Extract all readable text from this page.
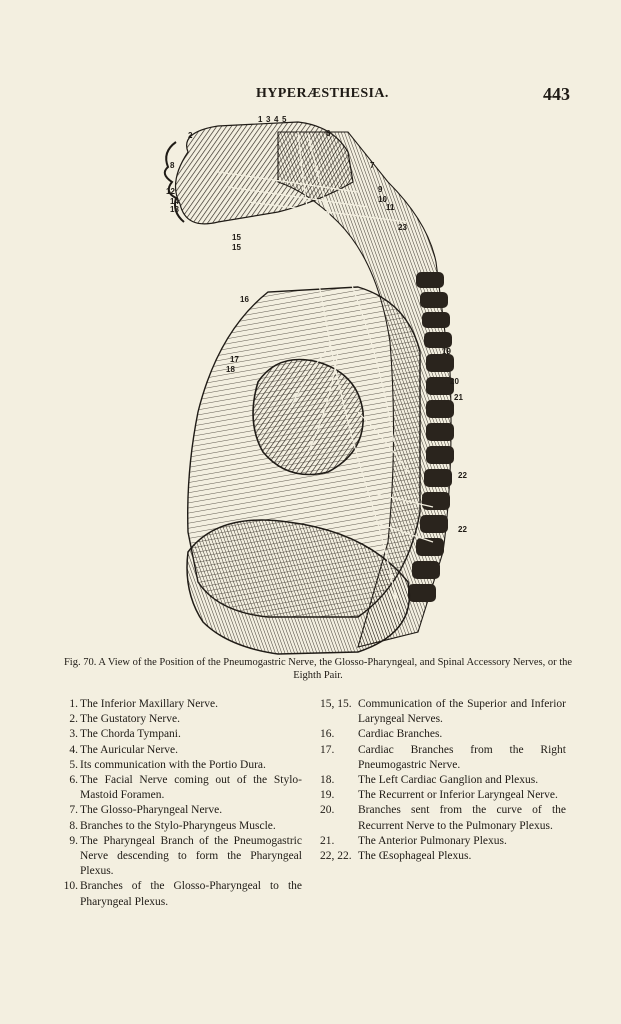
HYPERÆSTHESIA.	443
1 3 4 5
2	6
7
8
9
10
11
12
14
13
15
15
16
17
18
19
20
21
22
22
23
Fig. 70. A View of the Position of the Pneumogastric Nerve, the Glosso-Pharyngeal, and Spinal Accessory Nerves, or the Eighth Pair.
1. The Inferior Maxillary Nerve.
2. The Gustatory Nerve.
3. The Chorda Tympani.
4. The Auricular Nerve.
5. Its communication with the Portio Dura.
6. The Facial Nerve coming out of the Stylo-Mastoid Foramen.
7. The Glosso-Pharyngeal Nerve.
8. Branches to the Stylo-Pharyngeus Muscle.
9. The Pharyngeal Branch of the Pneumogastric Nerve descending to form the Pharyngeal Plexus.
10. Branches of the Glosso-Pharyngeal to the Pharyngeal Plexus.
15, 15. Communication of the Superior and Inferior Laryngeal Nerves.
16.	Cardiac Branches.
17.	Cardiac Branches from the Right Pneumogastric Nerve.
18.	The Left Cardiac Ganglion and Plexus.
19.	The Recurrent or Inferior Laryngeal Nerve.
20.	Branches sent from the curve of the Recurrent Nerve to the Pulmonary Plexus.
21.	The Anterior Pulmonary Plexus.
22, 22. The Œsophageal Plexus.
